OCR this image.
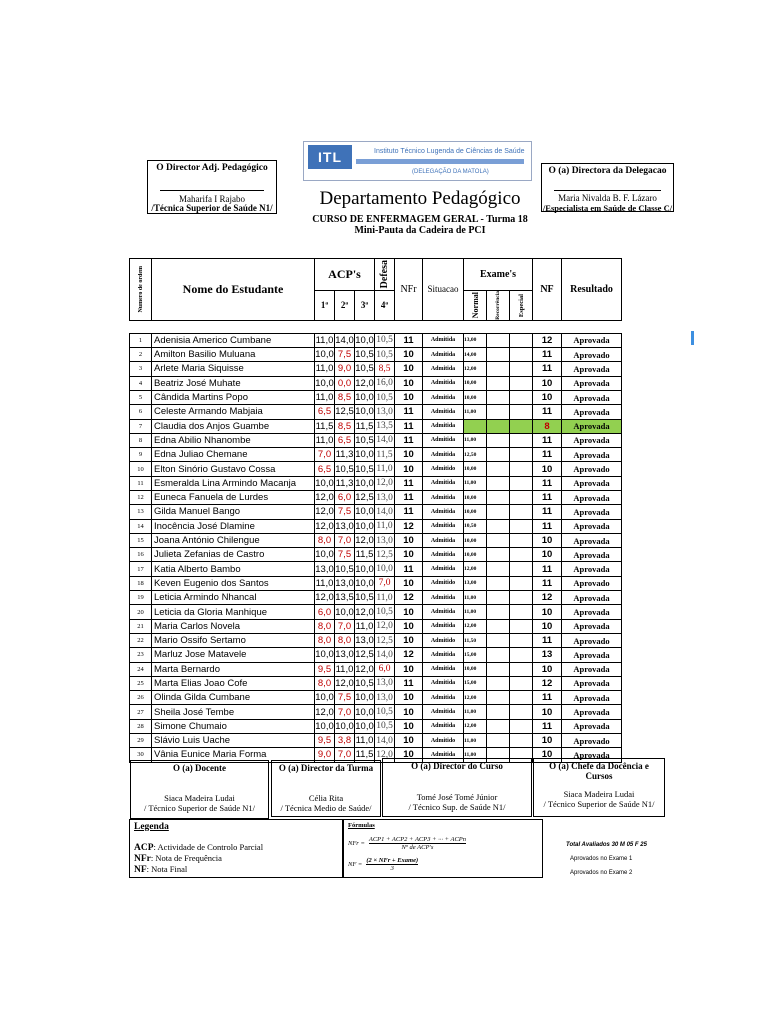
ITL	Instituto Técnico Lugenda de Ciências de Saúde
(DELEGAÇÃO DA MATOLA)
O Director Adj. Pedagógico
Maharifa I Rajabo
/Técnica Superior de Saúde N1/
O (a) Directora da Delegacao
Maria Nivalda B. F. Lázaro
/Especialista em Saúde de Classe C/
Departamento Pedagógico
CURSO DE ENFERMAGEM GERAL - Turma 18
Mini-Pauta da Cadeira de PCI
Numero de ordem	Nome do Estudante	ACP's			Defesa	NFr	Situacao	Exame's			NF	Resultado
		1ª	2ª	3ª	4ª			Normal	Recorrência	Especial		

1	Adenisia Americo Cumbane	11,0	14,0	10,0	10,5	11	Admitida	13,00			12	Aprovada
2	Amilton Basilio Muluana	10,0	7,5	10,5	10,5	10	Admitida	14,00			11	Aprovado
3	Arlete Maria Siquisse	11,0	9,0	10,5	8,5	10	Admitida	12,00			11	Aprovada
4	Beatriz José Muhate	10,0	0,0	12,0	16,0	10	Admitida	10,00			10	Aprovada
5	Cândida Martins Popo	11,0	8,5	10,0	10,5	10	Admitida	10,00			10	Aprovada
6	Celeste Armando Mabjaia	6,5	12,5	10,0	13,0	11	Admitida	11,00			11	Aprovada
7	Claudia dos Anjos Guambe	11,5	8,5	11,5	13,5	11	Admitida				8	Aprovada
8	Edna Abilio Nhanombe	11,0	6,5	10,5	14,0	11	Admitida	11,00			11	Aprovada
9	Edna Juliao Chemane	7,0	11,3	10,0	11,5	10	Admitida	12,50			11	Aprovada
10	Elton Sinório Gustavo Cossa	6,5	10,5	10,5	11,0	10	Admitido	10,00			10	Aprovado
11	Esmeralda Lina Armindo Macanja	10,0	11,3	10,0	12,0	11	Admitida	11,00			11	Aprovada
12	Euneca Fanuela de Lurdes	12,0	6,0	12,5	13,0	11	Admitida	10,00			11	Aprovada
13	Gilda Manuel Bango	12,0	7,5	10,0	14,0	11	Admitida	10,00			11	Aprovada
14	Inocência José Dlamine	12,0	13,0	10,0	11,0	12	Admitida	10,50			11	Aprovada
15	Joana António Chilengue	8,0	7,0	12,0	13,0	10	Admitida	10,00			10	Aprovada
16	Julieta Zefanias de Castro	10,0	7,5	11,5	12,5	10	Admitida	10,00			10	Aprovada
17	Katia Alberto Bambo	13,0	10,5	10,0	10,0	11	Admitida	12,00			11	Aprovada
18	Keven Eugenio dos Santos	11,0	13,0	10,0	7,0	10	Admitido	13,00			11	Aprovado
19	Leticia Armindo Nhancal	12,0	13,5	10,5	11,0	12	Admitida	11,00			12	Aprovada
20	Leticia da Gloria Manhique	6,0	10,0	12,0	10,5	10	Admitida	11,00			10	Aprovada
21	Maria Carlos Novela	8,0	7,0	11,0	12,0	10	Admitida	12,00			10	Aprovada
22	Mario Ossifo Sertamo	8,0	8,0	13,0	12,5	10	Admitido	11,50			11	Aprovado
23	Marluz Jose Matavele	10,0	13,0	12,5	14,0	12	Admitida	15,00			13	Aprovada
24	Marta Bernardo	9,5	11,0	12,0	6,0	10	Admitida	10,00			10	Aprovada
25	Marta Elias Joao Cofe	8,0	12,0	10,5	13,0	11	Admitida	15,00			12	Aprovada
26	Olinda Gilda Cumbane	10,0	7,5	10,0	13,0	10	Admitida	12,00			11	Aprovada
27	Sheila José Tembe	12,0	7,0	10,0	10,5	10	Admitida	11,00			10	Aprovada
28	Simone Chumaio	10,0	10,0	10,0	10,5	10	Admitida	12,00			11	Aprovada
29	Slávio Luis Uache	9,5	3,8	11,0	14,0	10	Admitido	11,00			10	Aprovado
30	Vânia Eunice Maria Forma	9,0	7,0	11,5	12,0	10	Admitida	11,00			10	Aprovada
O (a) Docente
Siaca Madeira Ludai
/ Técnico Superior de Saúde N1/
O (a) Director da Turma
Célia Rita
/ Técnica Medio de Saúde/
O (a) Director do Curso
Tomé José Tomé Júnior
/ Técnico Sup. de Saúde N1/
O (a) Chefe da Docência e Cursos
Siaca Madeira Ludai
/ Técnico Superior de Saúde N1/
Legenda
ACP: Actividade de Controlo Parcial
NFr: Nota de Frequência
NF: Nota Final
Fórmulas
NFr =
ACP1 + ACP2 + ACP3 + ··· + ACPn
Nº de ACP's
NF =
(2 × NFr + Exame)
3
Total Avaliados 30 M 05 F 25
Aprovados no Exame 1
Aprovados no Exame 2
